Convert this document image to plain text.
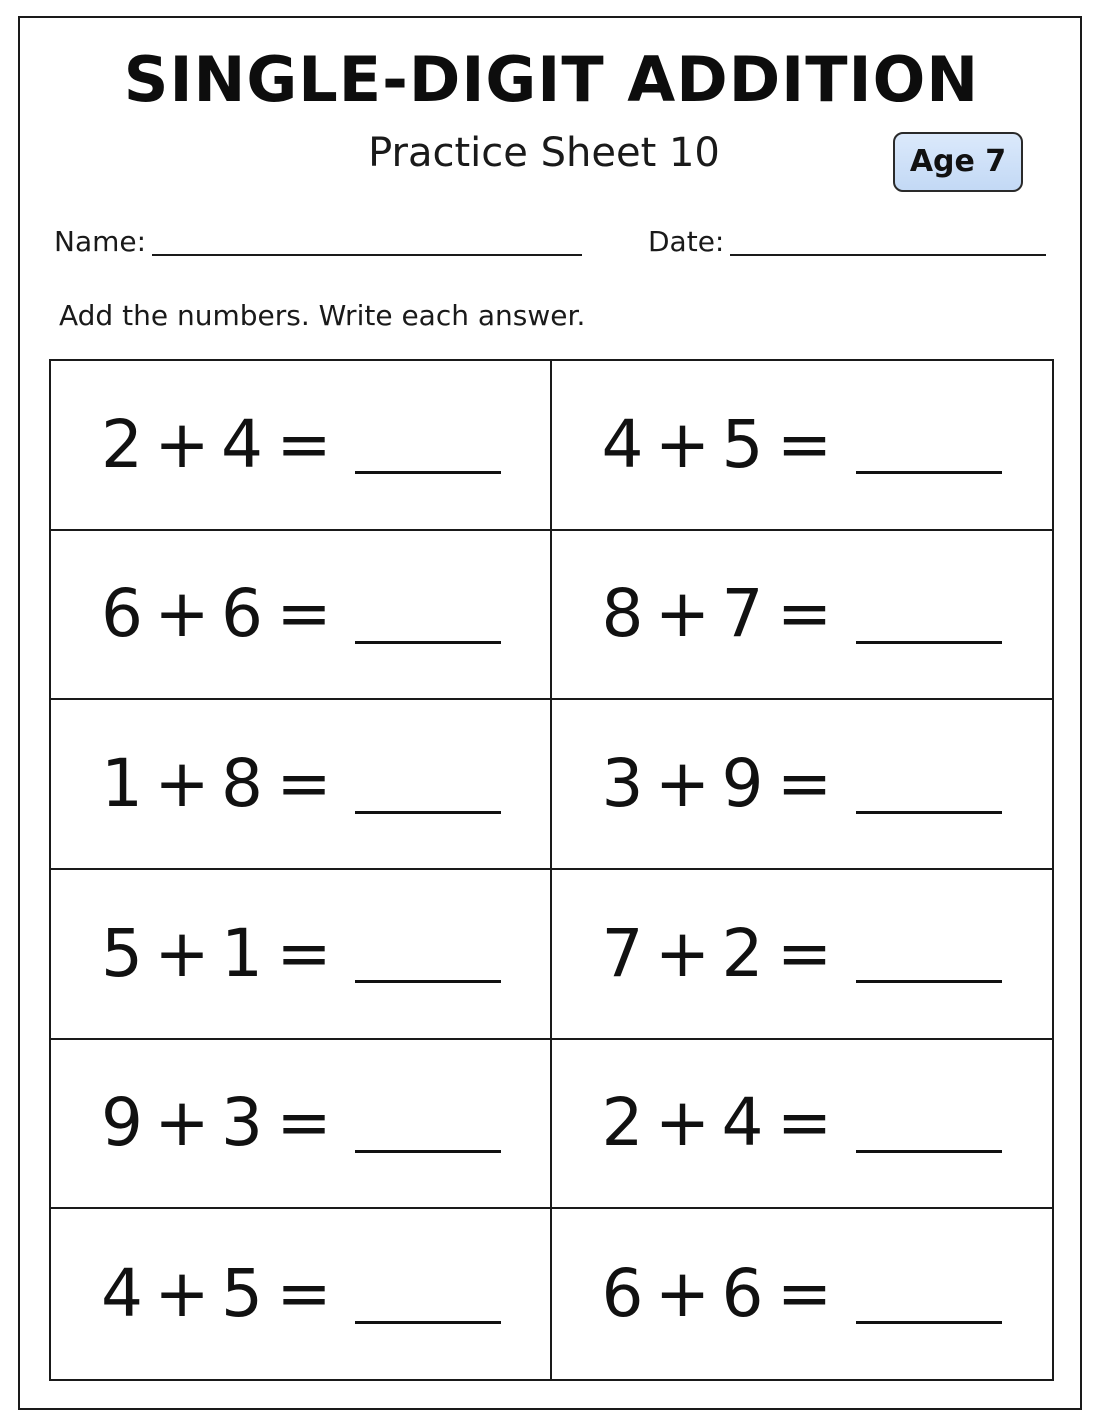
SINGLE-DIGIT ADDITION
Practice Sheet 10	Age 7
Name:	Date:
Add the numbers. Write each answer.
2 + 4 =	4 + 5 =
6 + 6 =	8 + 7 =
1 + 8 =	3 + 9 =
5 + 1 =	7 + 2 =
9 + 3 =	2 + 4 =
4 + 5 =	6 + 6 =
